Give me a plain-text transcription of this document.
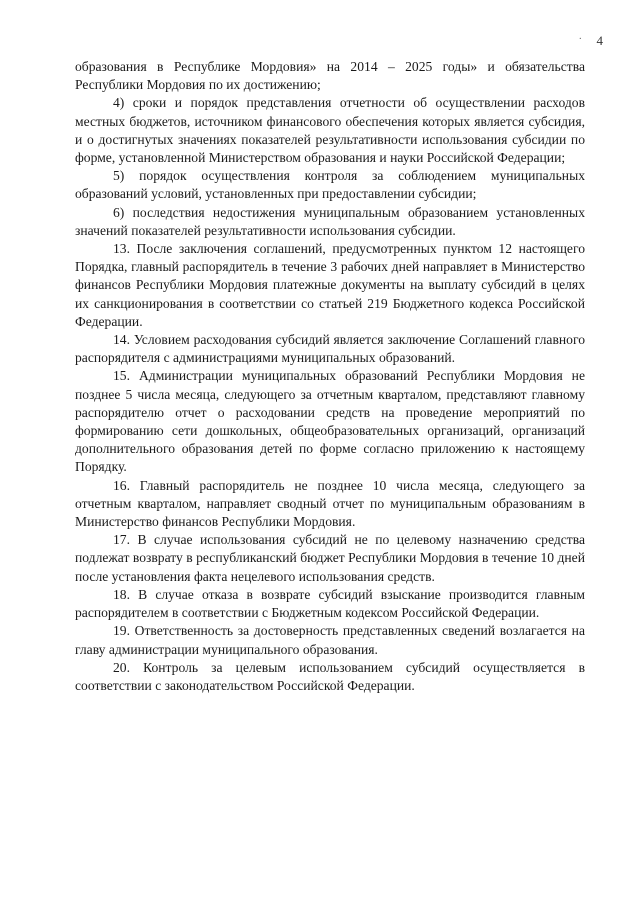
· 4

образования в Республике Мордовия» на 2014 – 2025 годы» и обязательства Республики Мордовия по их достижению;

4) сроки и порядок представления отчетности об осуществлении расходов местных бюджетов, источником финансового обеспечения которых является субсидия, и о достигнутых значениях показателей результативности использования субсидии по форме, установленной Министерством образования и науки Российской Федерации;

5) порядок осуществления контроля за соблюдением муниципальных образований условий, установленных при предоставлении субсидии;

6) последствия недостижения муниципальным образованием установленных значений показателей результативности использования субсидии.

13. После заключения соглашений, предусмотренных пунктом 12 настоящего Порядка, главный распорядитель в течение 3 рабочих дней направляет в Министерство финансов Республики Мордовия платежные документы на выплату субсидий в целях их санкционирования в соответствии со статьей 219 Бюджетного кодекса Российской Федерации.

14. Условием расходования субсидий является заключение Соглашений главного распорядителя с администрациями муниципальных образований.

15. Администрации муниципальных образований Республики Мордовия не позднее 5 числа месяца, следующего за отчетным кварталом, представляют главному распорядителю отчет о расходовании средств на проведение мероприятий по формированию сети дошкольных, общеобразовательных организаций, организаций дополнительного образования детей по форме согласно приложению к настоящему Порядку.

16. Главный распорядитель не позднее 10 числа месяца, следующего за отчетным кварталом, направляет сводный отчет по муниципальным образованиям в Министерство финансов Республики Мордовия.

17. В случае использования субсидий не по целевому назначению средства подлежат возврату в республиканский бюджет Республики Мордовия в течение 10 дней после установления факта нецелевого использования средств.

18. В случае отказа в возврате субсидий взыскание производится главным распорядителем в соответствии с Бюджетным кодексом Российской Федерации.

19. Ответственность за достоверность представленных сведений возлагается на главу администрации муниципального образования.

20. Контроль за целевым использованием субсидий осуществляется в соответствии с законодательством Российской Федерации.
